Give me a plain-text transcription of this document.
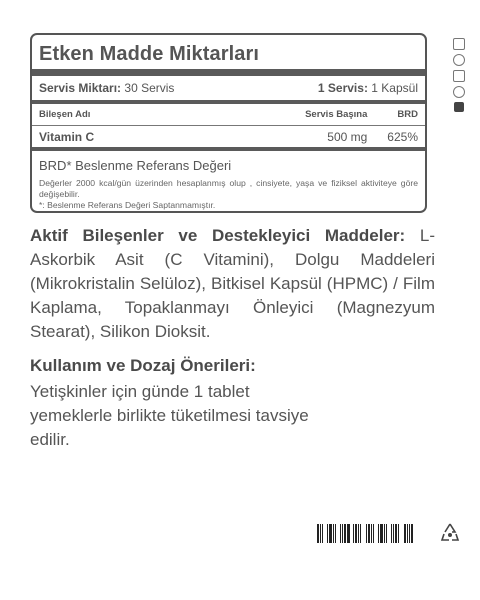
Etken Madde Miktarları
Servis Miktarı: 30 Servis	1 Servis: 1 Kapsül
Bileşen Adı	Servis Başına	BRD
Vitamin C	500 mg 625%
BRD* Beslenme Referans Değeri
Değerler 2000 kcal/gün üzerinden hesaplanmış olup , cinsiyete, yaşa ve fiziksel aktiviteye göre değişebilir.
*: Beslenme Referans Değeri Saptanmamıştır.
Aktif Bileşenler ve Destekleyici Maddeler: L-Askorbik Asit (C Vitamini), Dolgu Maddeleri (Mikrokristalin Selüloz), Bitkisel Kapsül (HPMC) / Film Kaplama, Topaklanmayı Önleyici (Magnezyum Stearat), Silikon Dioksit.
Kullanım ve Dozaj Önerileri:
Yetişkinler için günde 1 tablet yemeklerle birlikte tüketilmesi tavsiye edilir.
